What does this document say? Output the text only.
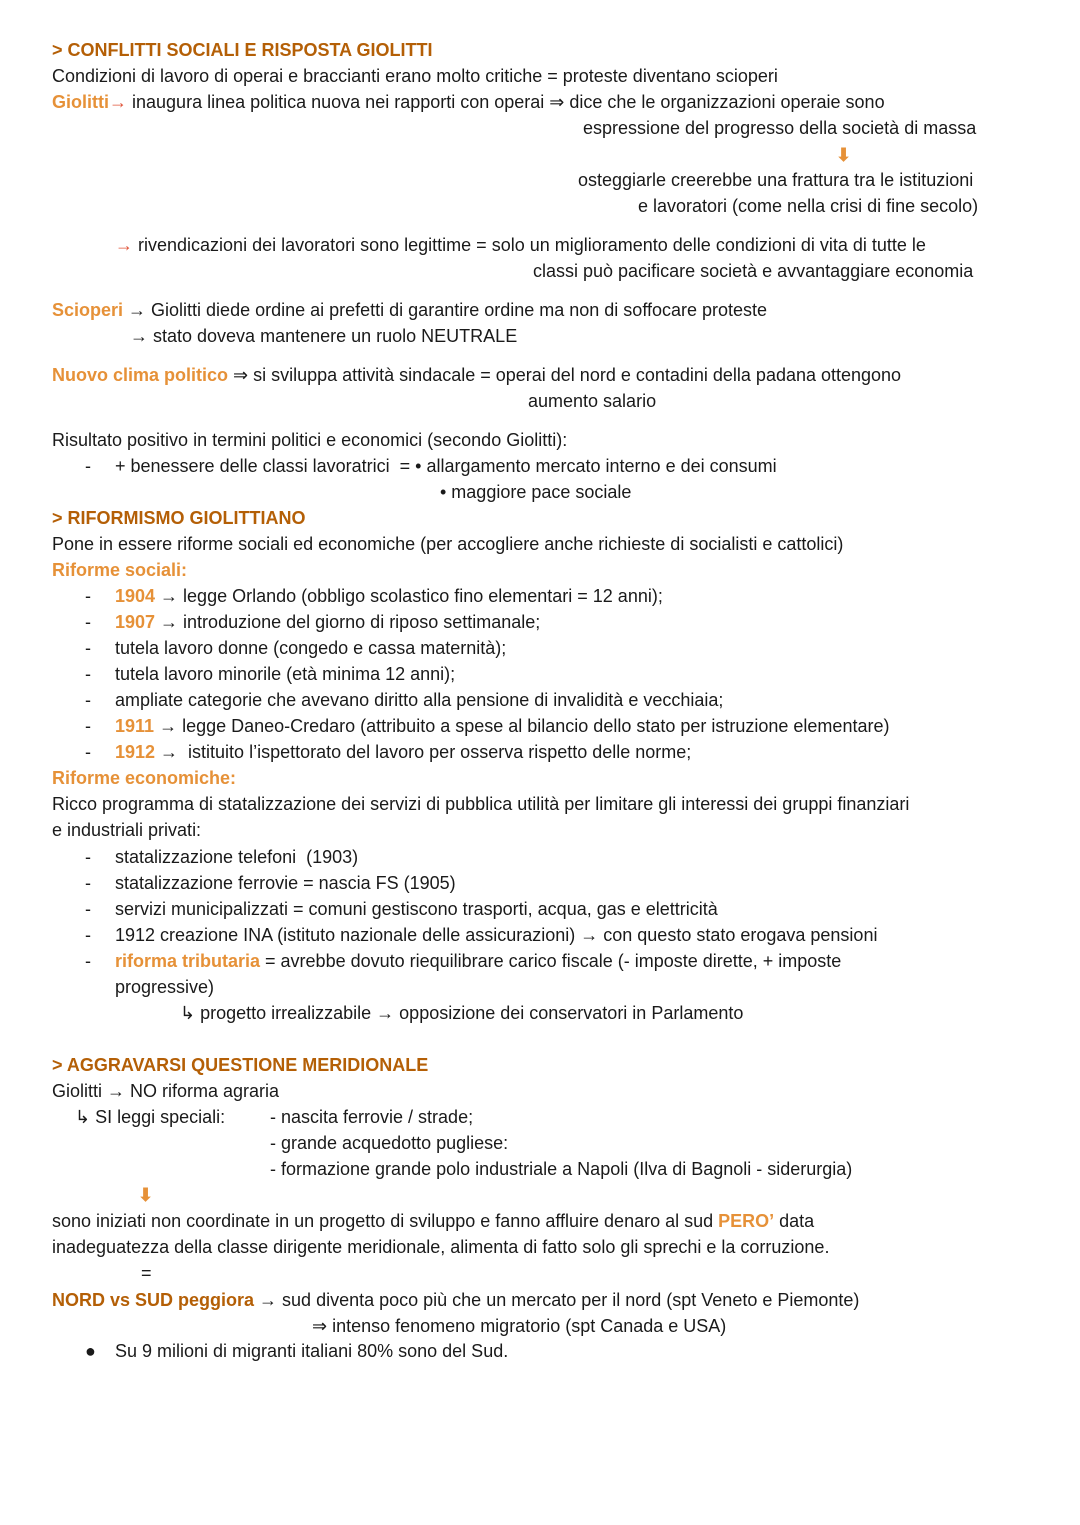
> CONFLITTI SOCIALI E RISPOSTA GIOLITTI
Condizioni di lavoro di operai e braccianti erano molto critiche = proteste diventano scioperi
Giolitti→ inaugura linea politica nuova nei rapporti con operai ⇒ dice che le organizzazioni operaie sono
espressione del progresso della società di massa
⬇
osteggiarle creerebbe una frattura tra le istituzioni
e lavoratori (come nella crisi di fine secolo)
→ rivendicazioni dei lavoratori sono legittime = solo un miglioramento delle condizioni di vita di tutte le
classi può pacificare società e avvantaggiare economia
Scioperi → Giolitti diede ordine ai prefetti di garantire ordine ma non di soffocare proteste
→ stato doveva mantenere un ruolo NEUTRALE
Nuovo clima politico ⇒ si sviluppa attività sindacale = operai del nord e contadini della padana ottengono
aumento salario
Risultato positivo in termini politici e economici (secondo Giolitti):
- + benessere delle classi lavoratrici  = • allargamento mercato interno e dei consumi
• maggiore pace sociale
> RIFORMISMO GIOLITTIANO
Pone in essere riforme sociali ed economiche (per accogliere anche richieste di socialisti e cattolici)
Riforme sociali:
- 1904 → legge Orlando (obbligo scolastico fino elementari = 12 anni);
- 1907 → introduzione del giorno di riposo settimanale;
- tutela lavoro donne (congedo e cassa maternità);
- tutela lavoro minorile (età minima 12 anni);
- ampliate categorie che avevano diritto alla pensione di invalidità e vecchiaia;
- 1911 → legge Daneo-Credaro (attribuito a spese al bilancio dello stato per istruzione elementare)
- 1912 →  istituito l’ispettorato del lavoro per osserva rispetto delle norme;
Riforme economiche:
Ricco programma di statalizzazione dei servizi di pubblica utilità per limitare gli interessi dei gruppi finanziari
e industriali privati:
- statalizzazione telefoni  (1903)
- statalizzazione ferrovie = nascia FS (1905)
- servizi municipalizzati = comuni gestiscono trasporti, acqua, gas e elettricità
- 1912 creazione INA (istituto nazionale delle assicurazioni) → con questo stato erogava pensioni
- riforma tributaria = avrebbe dovuto riequilibrare carico fiscale (- imposte dirette, + imposte
progressive)
↳ progetto irrealizzabile → opposizione dei conservatori in Parlamento
> AGGRAVARSI QUESTIONE MERIDIONALE
Giolitti → NO riforma agraria
↳ SI leggi speciali: - nascita ferrovie / strade;
- grande acquedotto pugliese:
- formazione grande polo industriale a Napoli (Ilva di Bagnoli - siderurgia)
⬇
sono iniziati non coordinate in un progetto di sviluppo e fanno affluire denaro al sud PERO’ data
inadeguatezza della classe dirigente meridionale, alimenta di fatto solo gli sprechi e la corruzione.
=
NORD vs SUD peggiora → sud diventa poco più che un mercato per il nord (spt Veneto e Piemonte)
⇒ intenso fenomeno migratorio (spt Canada e USA)
● Su 9 milioni di migranti italiani 80% sono del Sud.
